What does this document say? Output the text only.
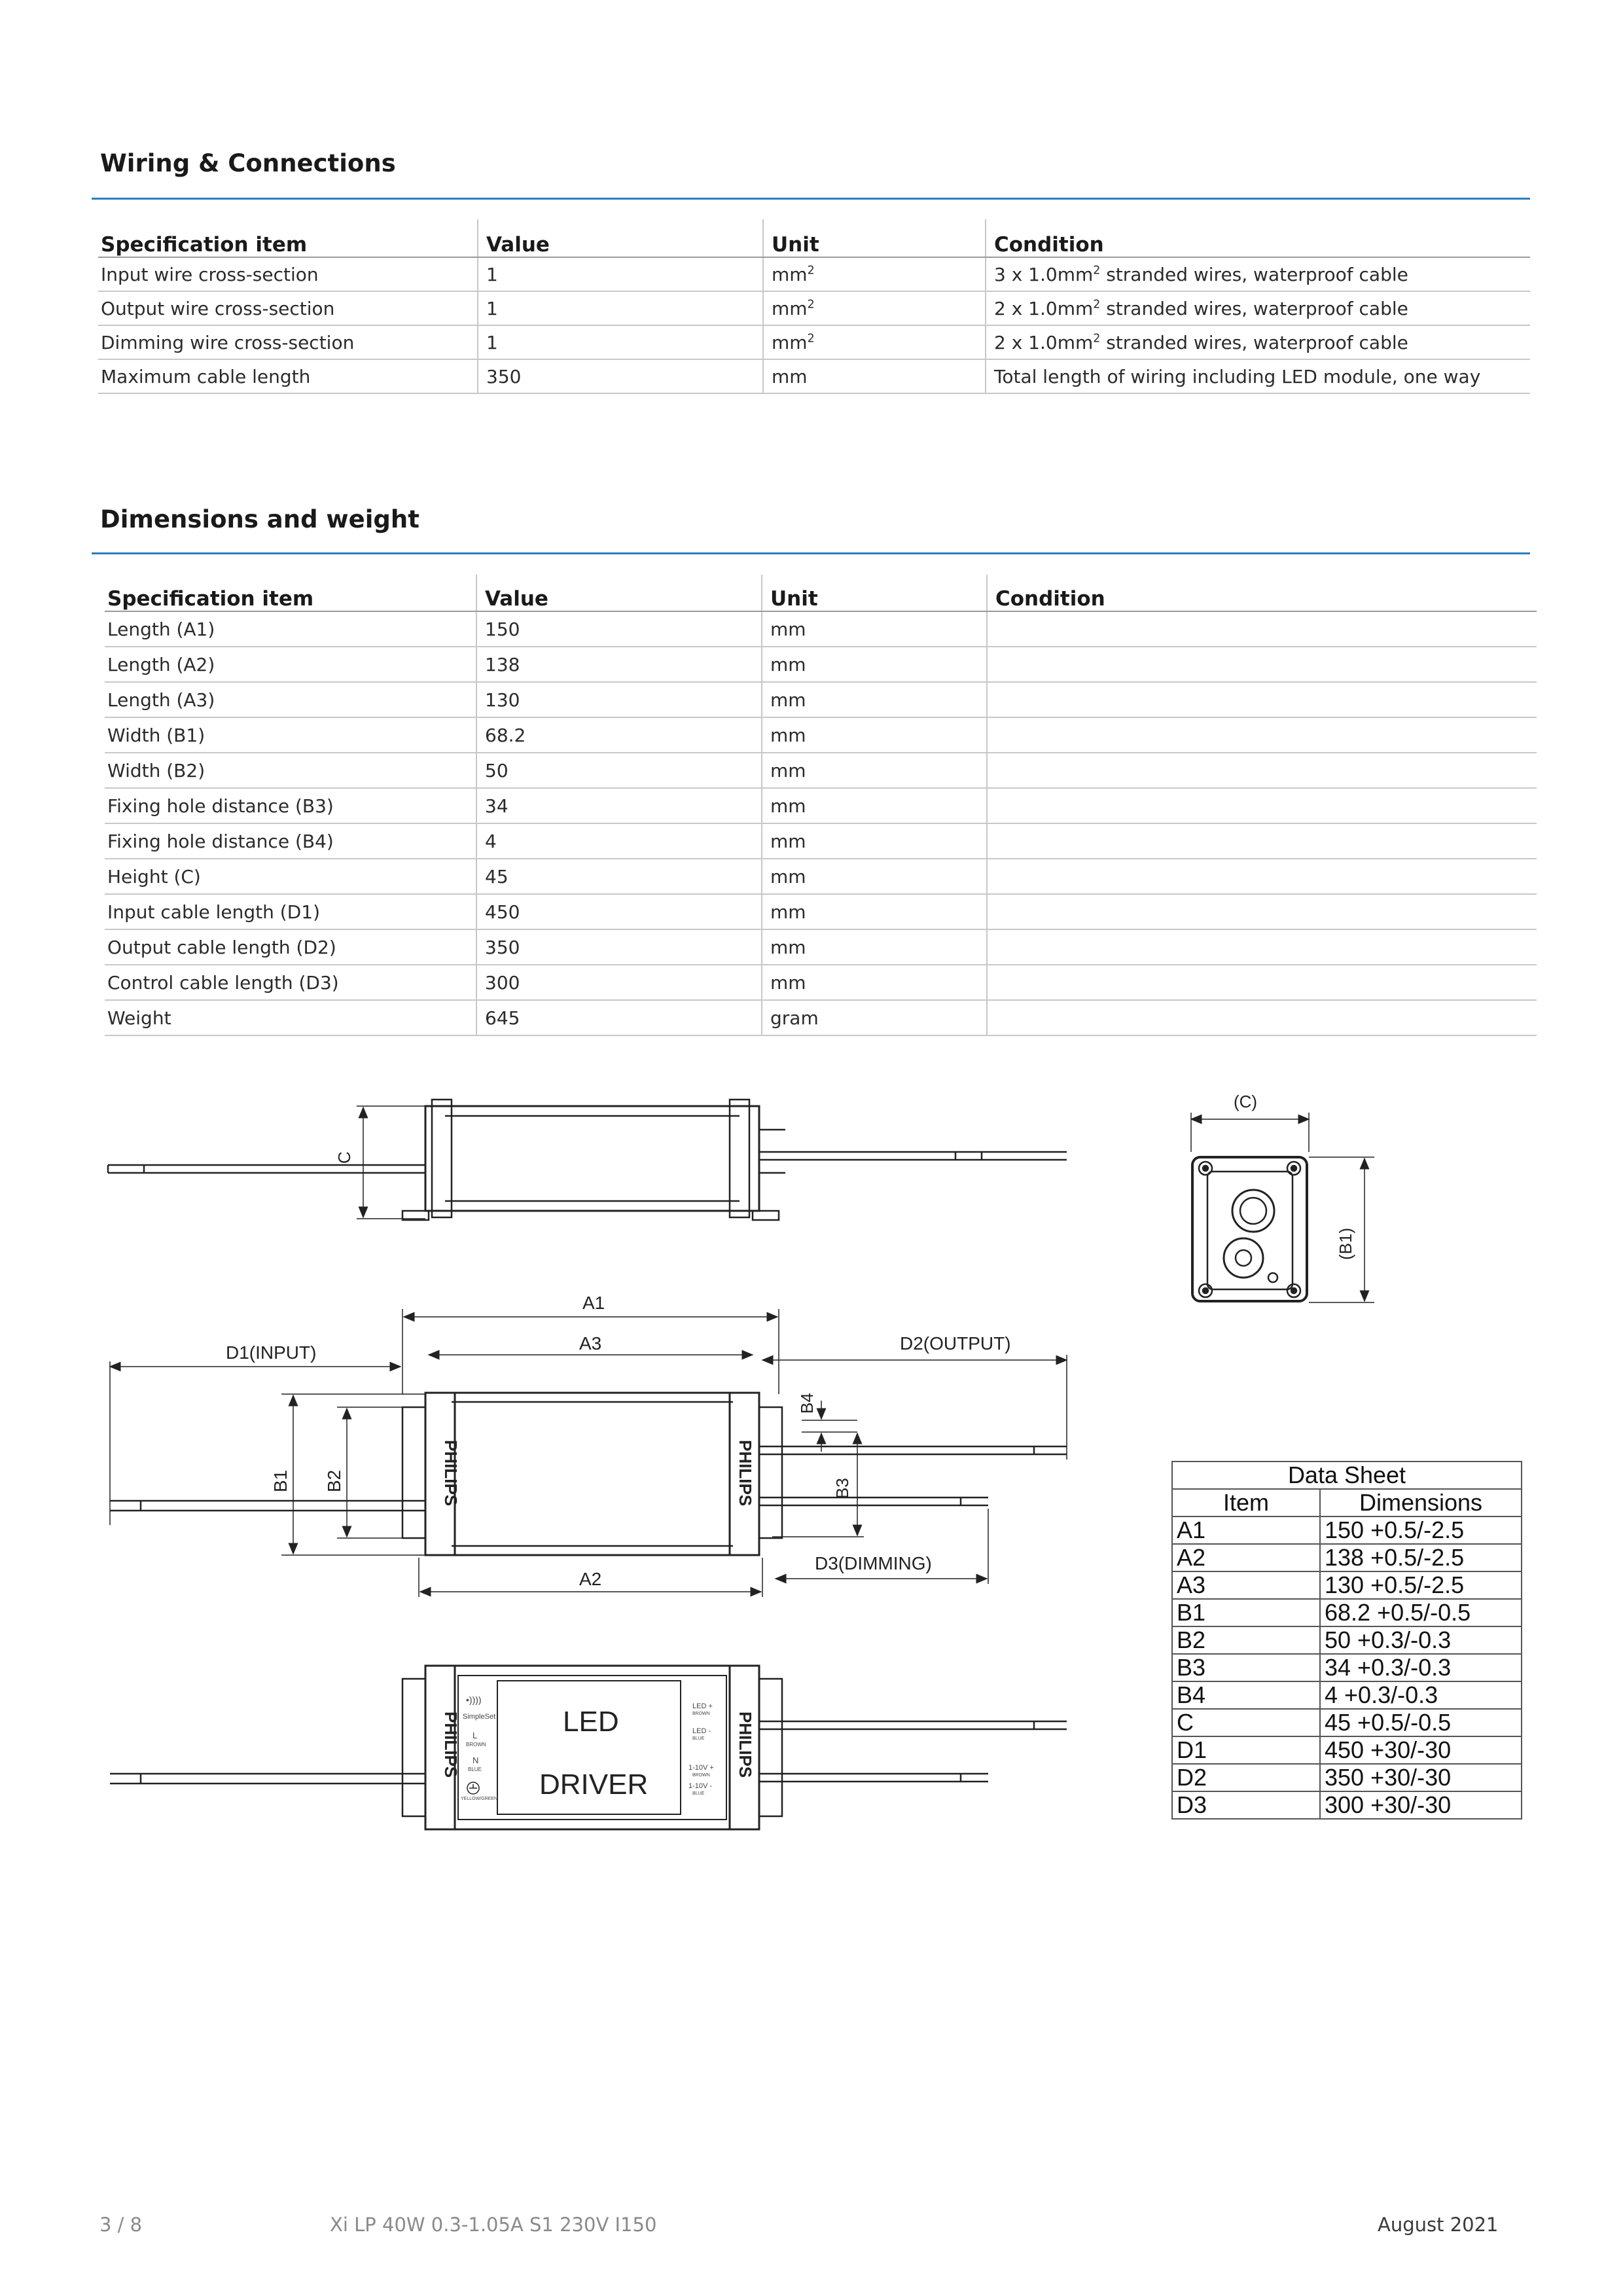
Wiring & Connections
Specification item	Value	Unit	Condition
Input wire cross-section	1	$mm^2$	3 x $1.0mm^2$ stranded wires, waterproof cable
Output wire cross-section	1	$mm^2$	2 x $1.0mm^2$ stranded wires, waterproof cable
Dimming wire cross-section	1	$mm^2$	2 x $1.0mm^2$ stranded wires, waterproof cable
Maximum cable length	350	mm	Total length of wiring including LED module, one way
Dimensions and weight
Specification item	Value	Unit	Condition
Length (A1)	150	mm	
Length (A2)	138	mm	
Length (A3)	130	mm	
Width (B1)	68.2	mm	
Width (B2)	50	mm	
Fixing hole distance (B3)	34	mm	
Fixing hole distance (B4)	4	mm	
Height (C)	45	mm	
Input cable length (D1)	450	mm	
Output cable length (D2)	350	mm	
Control cable length (D3)	300	mm	
Weight	645	gram	
C
(C)
(B1)
A1
A3
D1(INPUT)	D2(OUTPUT)
PHILIPS	PHILIPS
B1 B2
B4
B3
A2
D3(DIMMING)
PHILIPS	PHILIPS
•))))
SimpleSet
L
BROWN
N
BLUE
YELLOW/GREEN
LED +
BROWN
LED -
BLUE
1-10V +
BROWN
1-10V -
BLUE
LED
DRIVER
Data Sheet	
Item	Dimensions
A1	150 +0.5/-2.5
A2	138 +0.5/-2.5
A3	130 +0.5/-2.5
B1	68.2 +0.5/-0.5
B2	50 +0.3/-0.3
B3	34 +0.3/-0.3
B4	4 +0.3/-0.3
C	45 +0.5/-0.5
D1	450 +30/-30
D2	350 +30/-30
D3	300 +30/-30
3 / 8	Xi LP 40W 0.3-1.05A S1 230V I150	August 2021
